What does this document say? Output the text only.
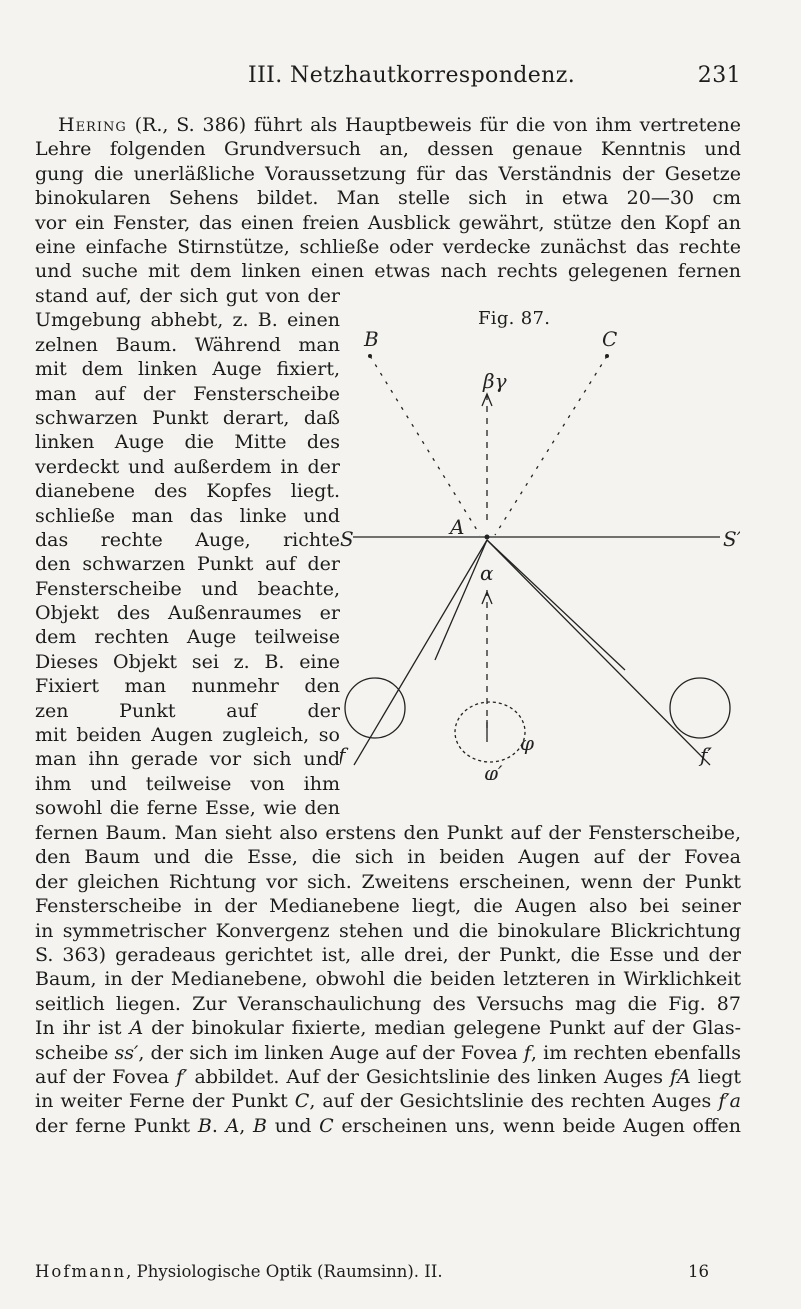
III. Netzhautkorrespondenz.	231
Hering (R., S. 386) führt als Hauptbeweis für die von ihm vertretene
Lehre folgenden Grundversuch an, dessen genaue Kenntnis und
gung die unerläßliche Voraussetzung für das Verständnis der Gesetze
binokularen Sehens bildet. Man stelle sich in etwa 20—30 cm
vor ein Fenster, das einen freien Ausblick gewährt, stütze den Kopf an
eine einfache Stirnstütze, schließe oder verdecke zunächst das rechte
und suche mit dem linken einen etwas nach rechts gelegenen fernen
stand auf, der sich gut von der
Umgebung abhebt, z. B. einen
zelnen Baum. Während man
mit dem linken Auge fixiert,
man auf der Fensterscheibe
schwarzen Punkt derart, daß
linken Auge die Mitte des
verdeckt und außerdem in der
dianebene des Kopfes liegt.
schließe man das linke und
das rechte Auge, richte
den schwarzen Punkt auf der
Fensterscheibe und beachte,
Objekt des Außenraumes er
dem rechten Auge teilweise
Dieses Objekt sei z. B. eine
Fixiert man nunmehr den
zen Punkt auf der
mit beiden Augen zugleich, so
man ihn gerade vor sich und
ihm und teilweise von ihm
sowohl die ferne Esse, wie den
Fig. 87.
B	C
βγ
A
S	S′
α
f′
φ
φ′
fernen Baum. Man sieht also erstens den Punkt auf der Fensterscheibe,
den Baum und die Esse, die sich in beiden Augen auf der Fovea
der gleichen Richtung vor sich. Zweitens erscheinen, wenn der Punkt
Fensterscheibe in der Medianebene liegt, die Augen also bei seiner
in symmetrischer Konvergenz stehen und die binokulare Blickrichtung
S. 363) geradeaus gerichtet ist, alle drei, der Punkt, die Esse und der
Baum, in der Medianebene, obwohl die beiden letzteren in Wirklichkeit
seitlich liegen. Zur Veranschaulichung des Versuchs mag die Fig. 87
In ihr ist A der binokular fixierte, median gelegene Punkt auf der Glas-
scheibe ss′, der sich im linken Auge auf der Fovea f, im rechten ebenfalls
auf der Fovea f′ abbildet. Auf der Gesichtslinie des linken Auges fA liegt
in weiter Ferne der Punkt C, auf der Gesichtslinie des rechten Auges f′a
der ferne Punkt B. A, B und C erscheinen uns, wenn beide Augen offen
Hofmann, Physiologische Optik (Raumsinn). II.	16
